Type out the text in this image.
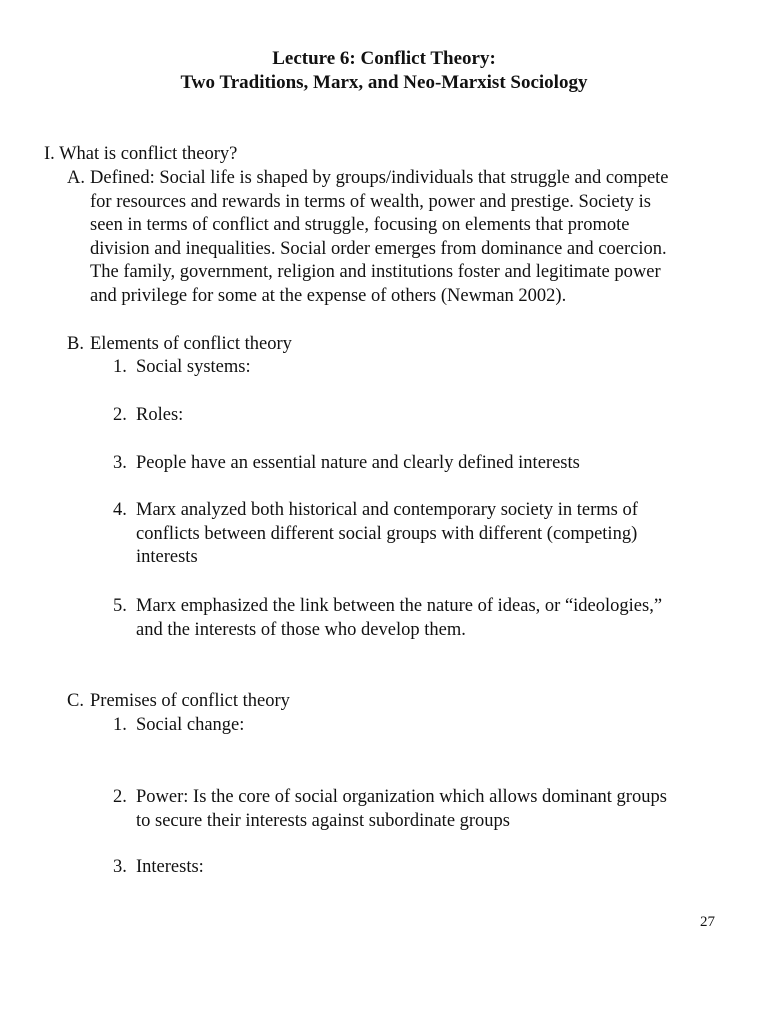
Lecture 6: Conflict Theory:
Two Traditions, Marx, and Neo-Marxist Sociology
I. What is conflict theory?
A. Defined: Social life is shaped by groups/individuals that struggle and compete
for resources and rewards in terms of wealth, power and prestige. Society is
seen in terms of conflict and struggle, focusing on elements that promote
division and inequalities. Social order emerges from dominance and coercion.
The family, government, religion and institutions foster and legitimate power
and privilege for some at the expense of others (Newman 2002).
B. Elements of conflict theory
1. Social systems:
2. Roles:
3. People have an essential nature and clearly defined interests
4. Marx analyzed both historical and contemporary society in terms of
conflicts between different social groups with different (competing)
interests
5. Marx emphasized the link between the nature of ideas, or “ideologies,”
and the interests of those who develop them.
C. Premises of conflict theory
1. Social change:
2. Power: Is the core of social organization which allows dominant groups
to secure their interests against subordinate groups
3. Interests:
27
